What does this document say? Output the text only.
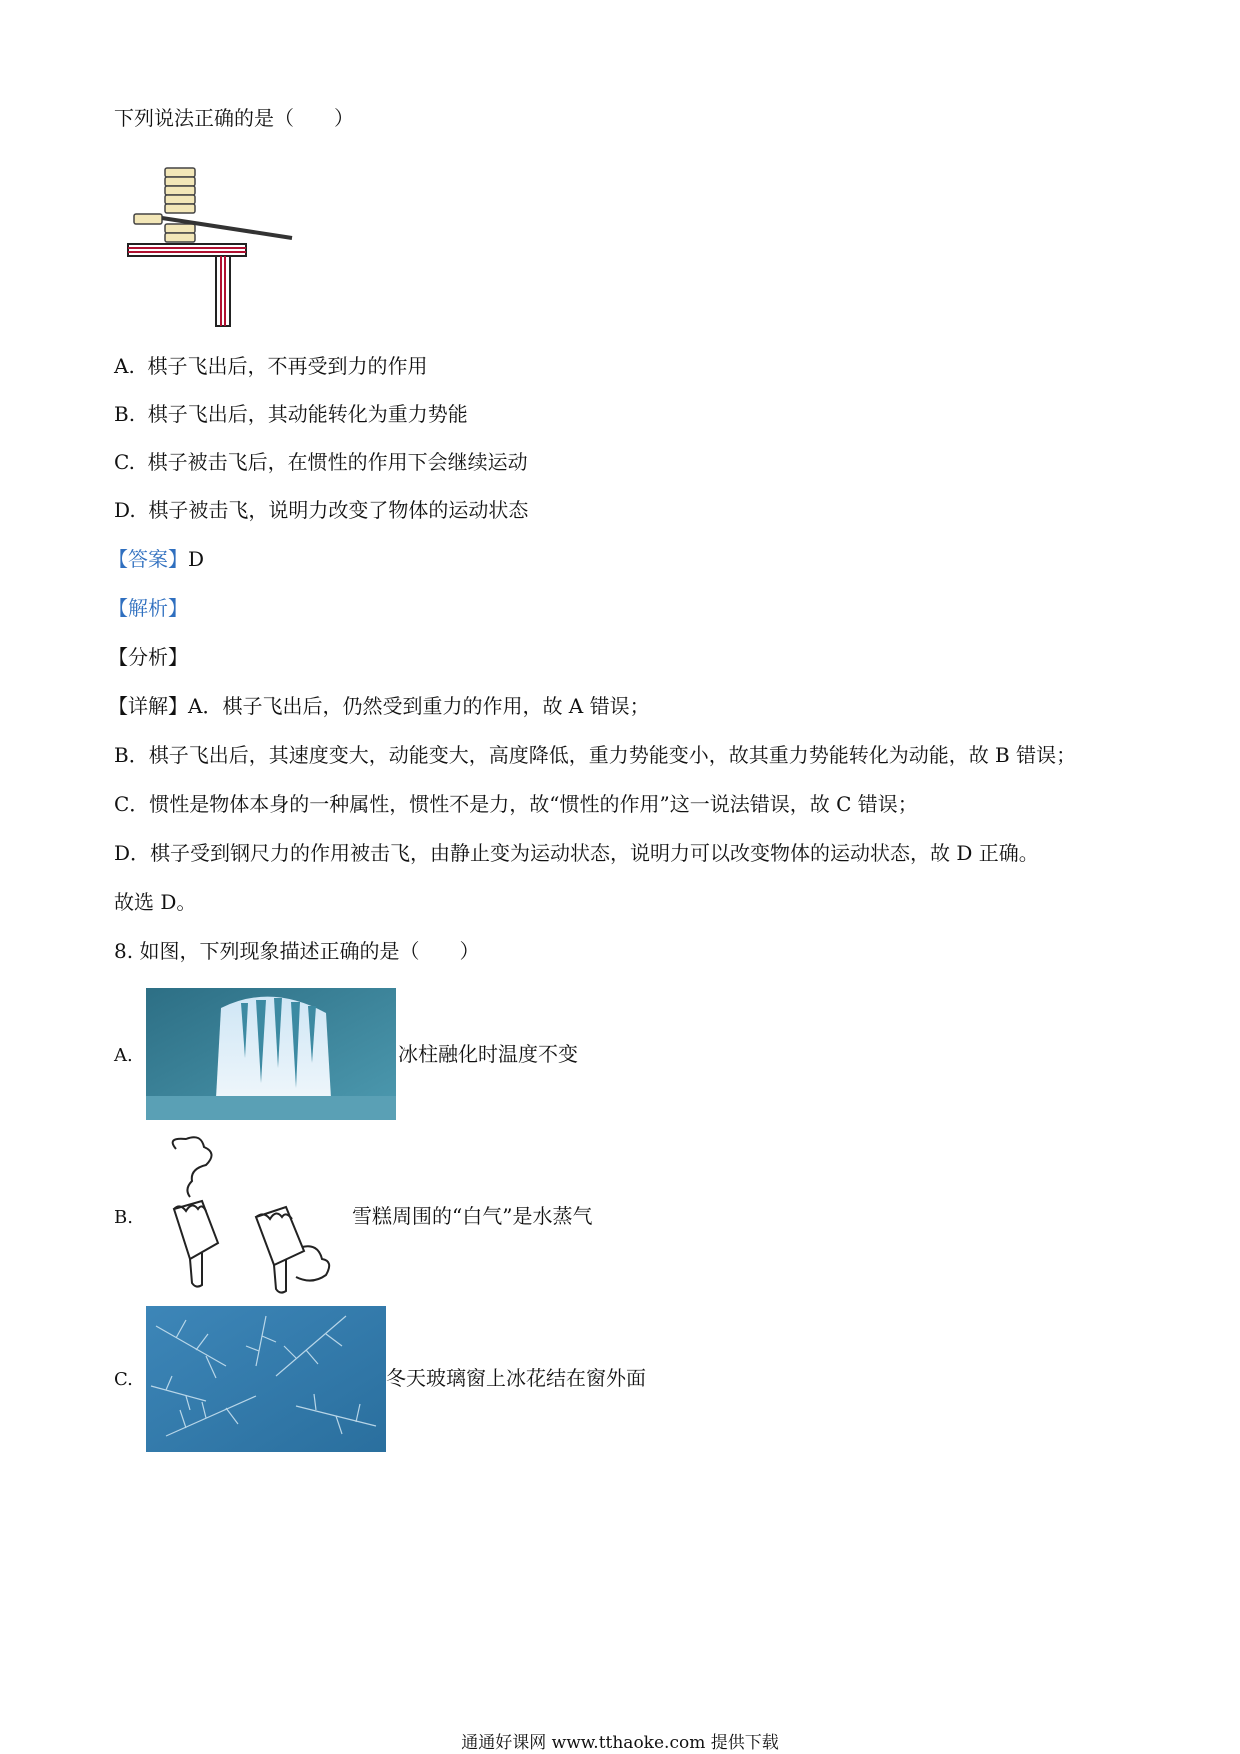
下列说法正确的是（　　）
A. 棋子飞出后，不再受到力的作用
B. 棋子飞出后，其动能转化为重力势能
C. 棋子被击飞后，在惯性的作用下会继续运动
D. 棋子被击飞，说明力改变了物体的运动状态
【答案】D
【解析】
【分析】
【详解】A．棋子飞出后，仍然受到重力的作用，故 A 错误；
B．棋子飞出后，其速度变大，动能变大，高度降低，重力势能变小，故其重力势能转化为动能，故 B 错误；
C．惯性是物体本身的一种属性，惯性不是力，故“惯性的作用”这一说法错误，故 C 错误；
D．棋子受到钢尺力的作用被击飞，由静止变为运动状态，说明力可以改变物体的运动状态，故 D 正确。
故选 D。
8. 如图，下列现象描述正确的是（　　）
A.	冰柱融化时温度不变
B.	雪糕周围的“白气”是水蒸气
C.	冬天玻璃窗上冰花结在窗外面
通通好课网 www.tthaoke.com 提供下载
